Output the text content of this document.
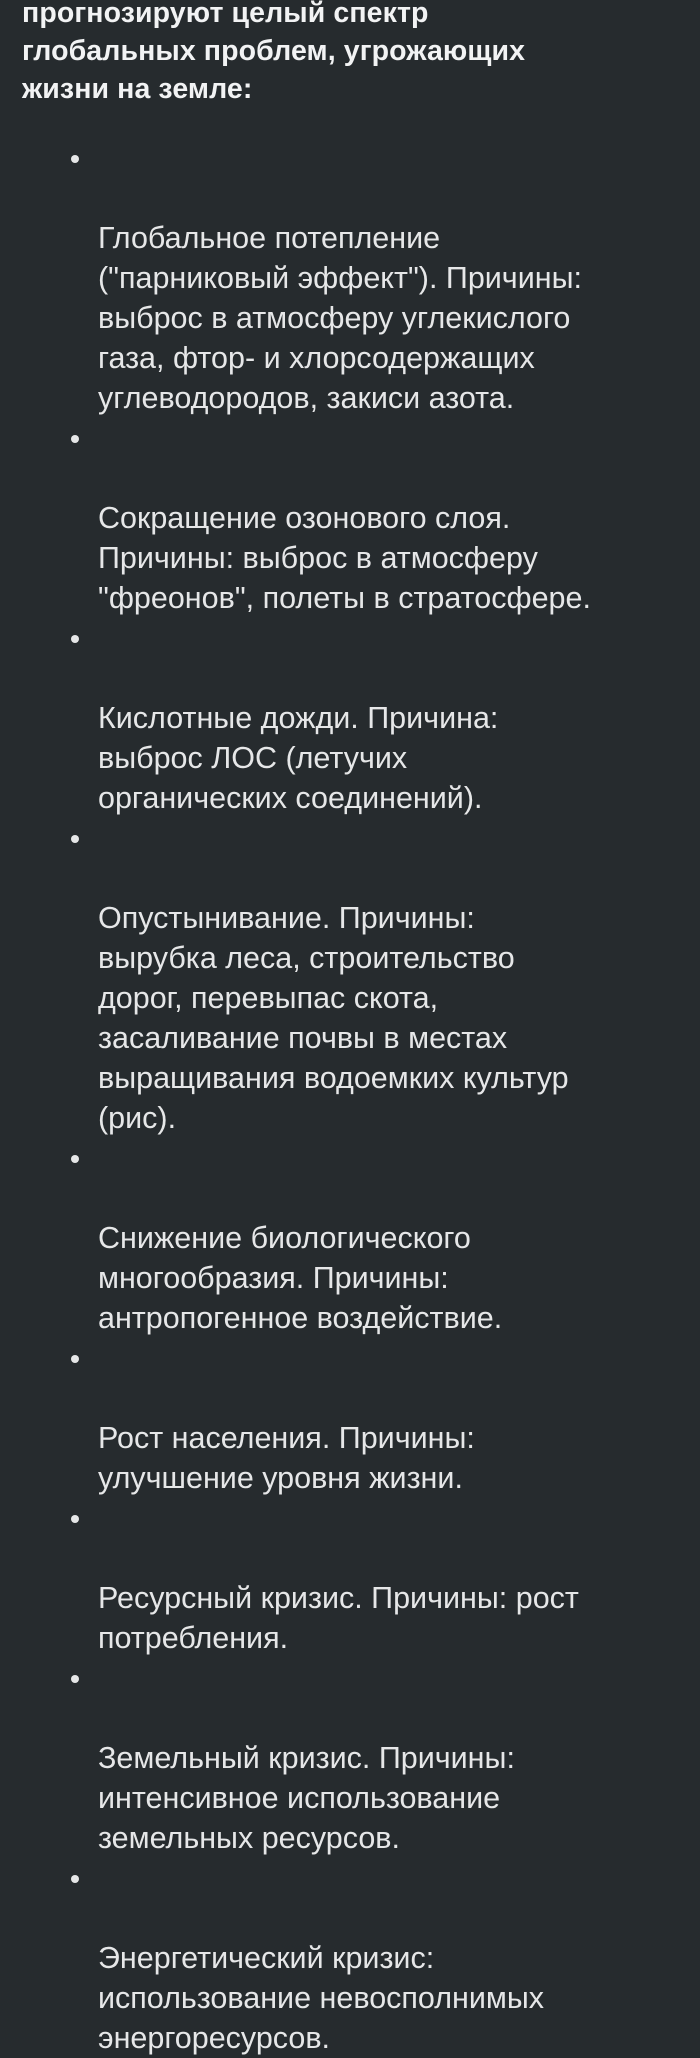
прогнозируют целый спектр
глобальных проблем, угрожающих
жизни на земле:

Глобальное потепление
("парниковый эффект"). Причины:
выброс в атмосферу углекислого
газа, фтор- и хлорсодержащих
углеводородов, закиси азота.

Сокращение озонового слоя.
Причины: выброс в атмосферу
"фреонов", полеты в стратосфере.

Кислотные дожди. Причина:
выброс ЛОС (летучих
органических соединений).

Опустынивание. Причины:
вырубка леса, строительство
дорог, перевыпас скота,
засаливание почвы в местах
выращивания водоемких культур
(рис).

Снижение биологического
многообразия. Причины:
антропогенное воздействие.

Рост населения. Причины:
улучшение уровня жизни.

Ресурсный кризис. Причины: рост
потребления.

Земельный кризис. Причины:
интенсивное использование
земельных ресурсов.

Энергетический кризис:
использование невосполнимых
энергоресурсов.
